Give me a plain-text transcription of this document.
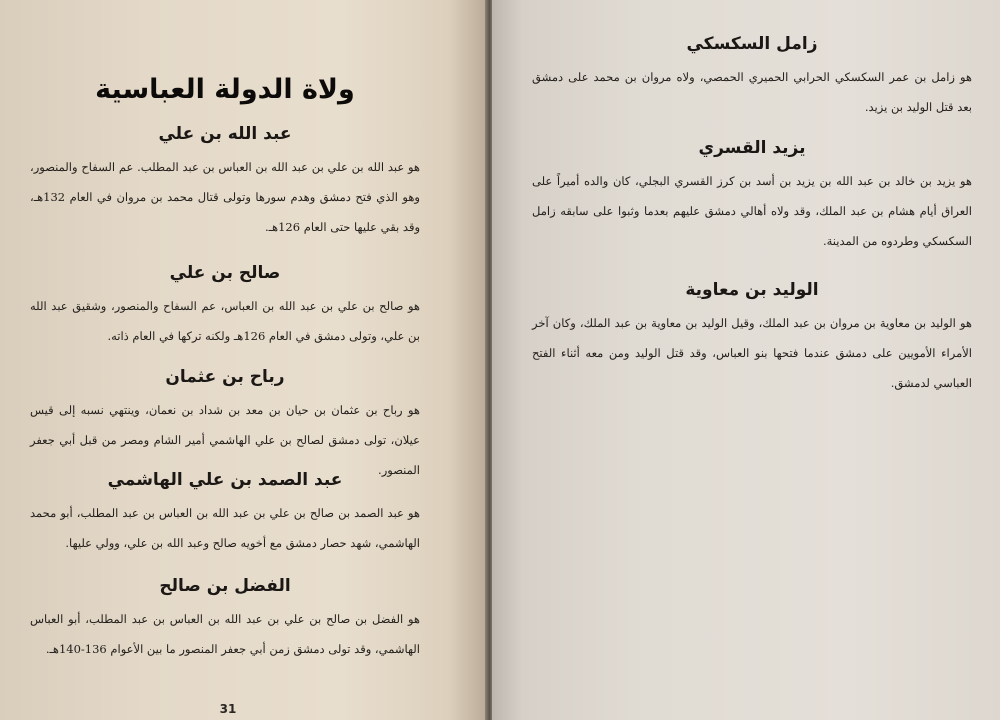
ولاة الدولة العباسية
عبد الله بن علي

هو عبد الله بن علي بن عبد الله بن العباس بن عبد المطلب. عم السفاح والمنصور، وهو الذي فتح دمشق وهدم سورها وتولى قتال محمد بن مروان في العام 132هـ، وقد بقي عليها حتى العام 126هـ.

صالح بن علي

هو صالح بن علي بن عبد الله بن العباس، عم السفاح والمنصور، وشقيق عبد الله بن علي، وتولى دمشق في العام 126هـ ولكنه تركها في العام ذاته.

رباح بن عثمان

هو رباح بن عثمان بن حيان بن معد بن شداد بن نعمان، وينتهي نسبه إلى قيس عيلان، تولى دمشق لصالح بن علي الهاشمي أمير الشام ومصر من قبل أبي جعفر المنصور.

عبد الصمد بن علي الهاشمي

هو عبد الصمد بن صالح بن علي بن عبد الله بن العباس بن عبد المطلب، أبو محمد الهاشمي، شهد حصار دمشق مع أخويه صالح وعبد الله بن علي، وولي عليها.

الفضل بن صالح

هو الفضل بن صالح بن علي بن عبد الله بن العباس بن عبد المطلب، أبو العباس الهاشمي، وقد تولى دمشق زمن أبي جعفر المنصور ما بين الأعوام 136-140هـ.

31
زامل السكسكي

هو زامل بن عمر السكسكي الحرابي الحميري الحمصي، ولاه مروان بن محمد على دمشق بعد قتل الوليد بن يزيد.

يزيد القسري

هو يزيد بن خالد بن عبد الله بن يزيد بن أسد بن كرز القسري البجلي، كان والده أميراً على العراق أيام هشام بن عبد الملك، وقد ولاه أهالي دمشق عليهم بعدما وثبوا على سابقه زامل السكسكي وطردوه من المدينة.

الوليد بن معاوية

هو الوليد بن معاوية بن مروان بن عبد الملك، وقيل الوليد بن معاوية بن عبد الملك، وكان آخر الأمراء الأمويين على دمشق عندما فتحها بنو العباس، وقد قتل الوليد ومن معه أثناء الفتح العباسي لدمشق.
